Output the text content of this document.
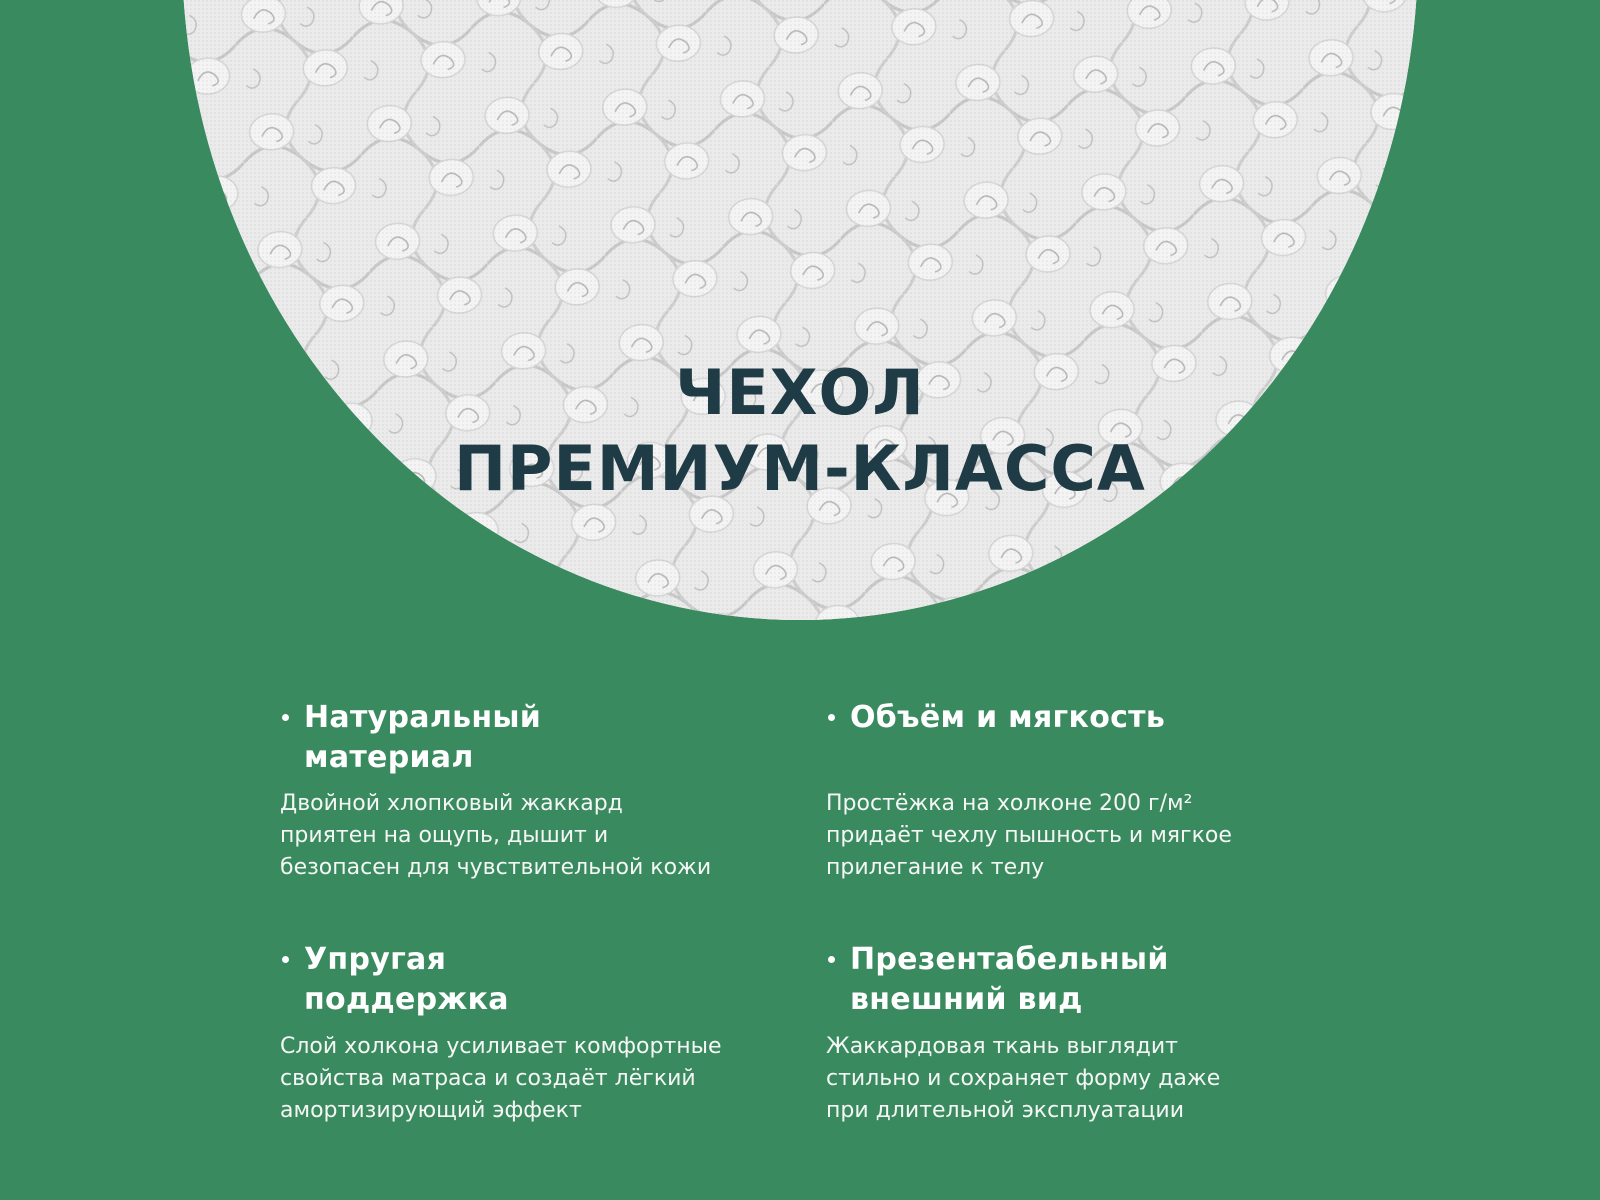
ЧЕХОЛ
ПРЕМИУМ-КЛАССА
Натуральный
материал
Двойной хлопковый жаккард
приятен на ощупь, дышит и
безопасен для чувствительной кожи
Объём и мягкость
Простёжка на холконе 200 г/м²
придаёт чехлу пышность и мягкое
прилегание к телу
Упругая
поддержка
Слой холкона усиливает комфортные
свойства матраса и создаёт лёгкий
амортизирующий эффект
Презентабельный
внешний вид
Жаккардовая ткань выглядит
стильно и сохраняет форму даже
при длительной эксплуатации
